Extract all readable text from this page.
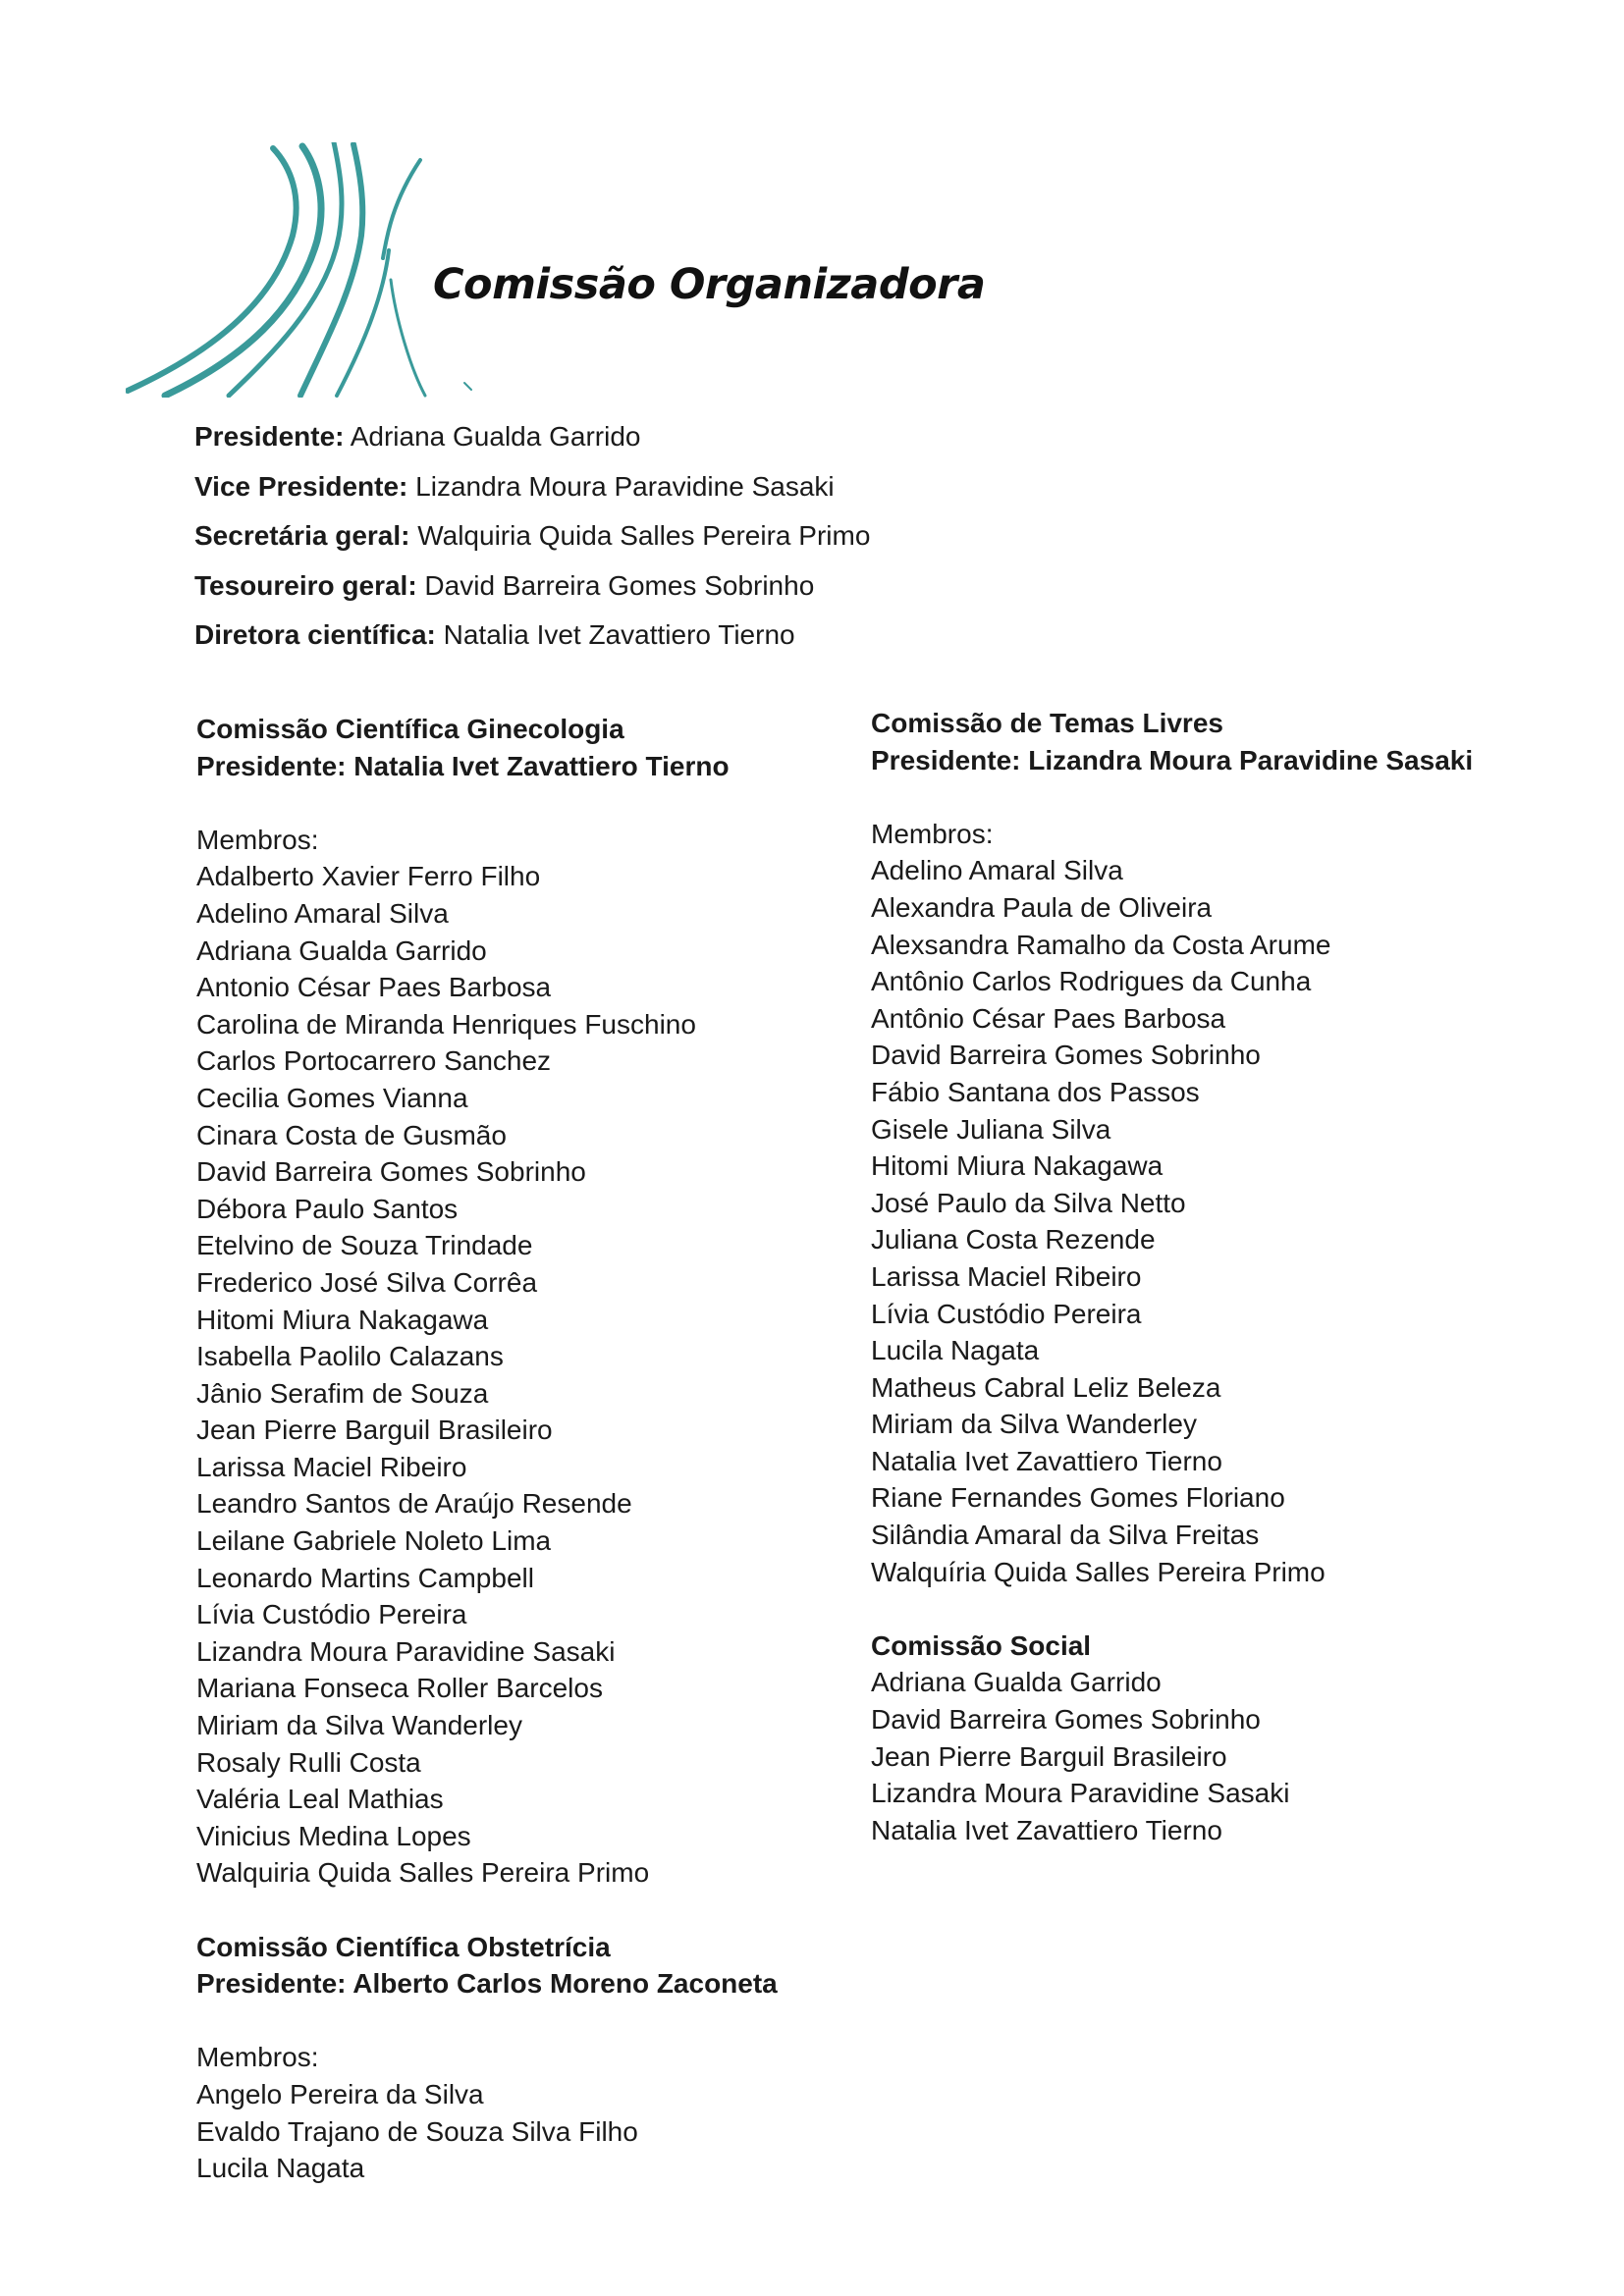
Comissão Organizadora
Presidente: Adriana Gualda Garrido
Vice Presidente: Lizandra Moura Paravidine Sasaki
Secretária geral: Walquiria Quida Salles Pereira Primo
Tesoureiro geral: David Barreira Gomes Sobrinho
Diretora científica: Natalia Ivet Zavattiero Tierno
Comissão Científica Ginecologia
Presidente: Natalia Ivet Zavattiero Tierno
Membros:
Adalberto Xavier Ferro Filho
Adelino Amaral Silva
Adriana Gualda Garrido
Antonio César Paes Barbosa
Carolina de Miranda Henriques Fuschino
Carlos Portocarrero Sanchez
Cecilia Gomes Vianna
Cinara Costa de Gusmão
David Barreira Gomes Sobrinho
Débora Paulo Santos
Etelvino de Souza Trindade
Frederico José Silva Corrêa
Hitomi Miura Nakagawa
Isabella Paolilo Calazans
Jânio Serafim de Souza
Jean Pierre Barguil Brasileiro
Larissa Maciel Ribeiro
Leandro Santos de Araújo Resende
Leilane Gabriele Noleto Lima
Leonardo Martins Campbell
Lívia Custódio Pereira
Lizandra Moura Paravidine Sasaki
Mariana Fonseca Roller Barcelos
Miriam da Silva Wanderley
Rosaly Rulli Costa
Valéria Leal Mathias
Vinicius Medina Lopes
Walquiria Quida Salles Pereira Primo
Comissão Científica Obstetrícia
Presidente: Alberto Carlos Moreno Zaconeta
Membros:
Angelo Pereira da Silva
Evaldo Trajano de Souza Silva Filho
Lucila Nagata
Comissão de Temas Livres
Presidente: Lizandra Moura Paravidine Sasaki
Membros:
Adelino Amaral Silva
Alexandra Paula de Oliveira
Alexsandra Ramalho da Costa Arume
Antônio Carlos Rodrigues da Cunha
Antônio César Paes Barbosa
David Barreira Gomes Sobrinho
Fábio Santana dos Passos
Gisele Juliana Silva
Hitomi Miura Nakagawa
José Paulo da Silva Netto
Juliana Costa Rezende
Larissa Maciel Ribeiro
Lívia Custódio Pereira
Lucila Nagata
Matheus Cabral Leliz Beleza
Miriam da Silva Wanderley
Natalia Ivet Zavattiero Tierno
Riane Fernandes Gomes Floriano
Silândia Amaral da Silva Freitas
Walquíria Quida Salles Pereira Primo
Comissão Social
Adriana Gualda Garrido
David Barreira Gomes Sobrinho
Jean Pierre Barguil Brasileiro
Lizandra Moura Paravidine Sasaki
Natalia Ivet Zavattiero Tierno
